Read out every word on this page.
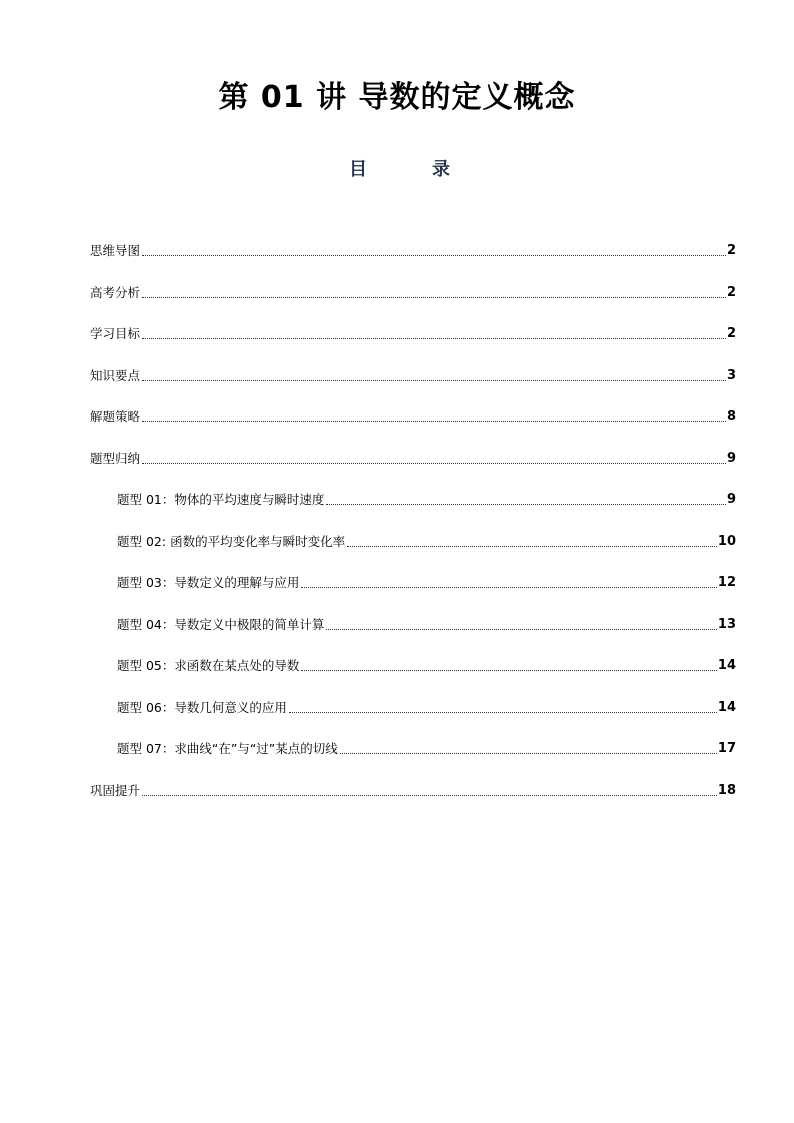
第 01 讲 导数的定义概念
目	录
思维导图	2
高考分析	2
学习目标	2
知识要点	3
解题策略	8
题型归纳	9
题型 01：物体的平均速度与瞬时速度	9
题型 02: 函数的平均变化率与瞬时变化率	10
题型 03：导数定义的理解与应用	12
题型 04：导数定义中极限的简单计算	13
题型 05：求函数在某点处的导数	14
题型 06：导数几何意义的应用	14
题型 07：求曲线“在”与“过”某点的切线	17
巩固提升	18
